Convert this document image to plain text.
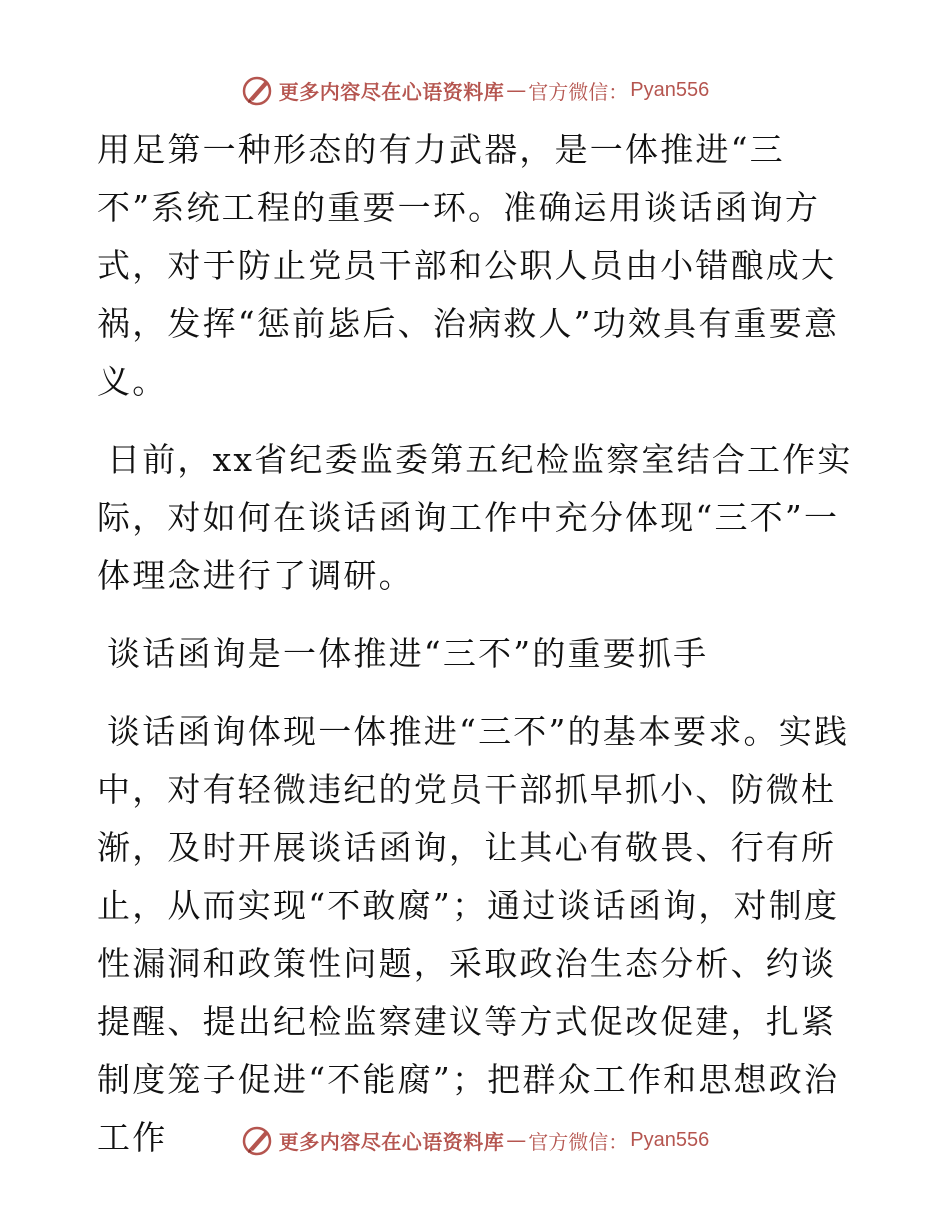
更多内容尽在心语资料库 — 官方微信： Pyan556

用足第一种形态的有力武器，是一体推进“三不”系统工程的重要一环。准确运用谈话函询方式，对于防止党员干部和公职人员由小错酿成大祸，发挥“惩前毖后、治病救人”功效具有重要意义。

日前，xx省纪委监委第五纪检监察室结合工作实际，对如何在谈话函询工作中充分体现“三不”一体理念进行了调研。

谈话函询是一体推进“三不”的重要抓手

谈话函询体现一体推进“三不”的基本要求。实践中，对有轻微违纪的党员干部抓早抓小、防微杜渐，及时开展谈话函询，让其心有敬畏、行有所止，从而实现“不敢腐”；通过谈话函询，对制度性漏洞和政策性问题，采取政治生态分析、约谈提醒、提出纪检监察建议等方式促改促建，扎紧制度笼子促进“不能腐”；把群众工作和思想政治工作	更多内容尽在心语资料库 — 官方微信： Pyan556
